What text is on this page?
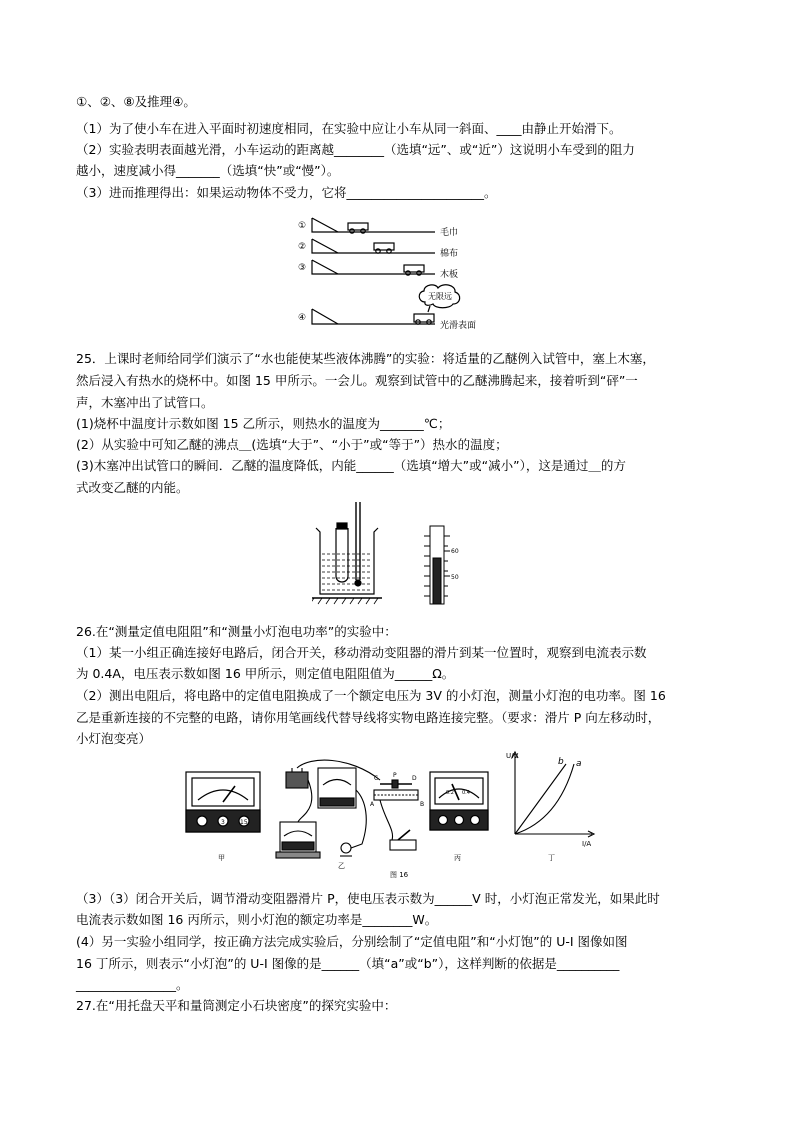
①、②、⑧及推理④。
（1）为了使小车在进入平面时初速度相同，在实验中应让小车从同一斜面、____由静止开始滑下。
（2）实验表明表面越光滑，小车运动的距离越________（选填“远”、或“近”）这说明小车受到的阻力
越小，速度减小得_______（选填“快”或“慢”）。
（3）进而推理得出：如果运动物体不受力，它将______________________。
①
②
③
④
毛巾
棉布
木板
光滑表面
无限远
25．上课时老师给同学们演示了“水也能使某些液体沸腾”的实验：将适量的乙醚例入试管中，塞上木塞，
然后浸入有热水的烧杯中。如图 15 甲所示。一会儿。观察到试管中的乙醚沸腾起来，接着听到“砰”一
声，木塞冲出了试管口。
(1)烧杯中温度计示数如图 15 乙所示，则热水的温度为_______℃；
(2）从实验中可知乙醚的沸点＿(选填“大于”、“小于”或“等于”）热水的温度；
(3)木塞冲出试管口的瞬间．乙醚的温度降低，内能______（选填“增大”或“减小”），这是通过＿的方
式改变乙醚的内能。
60
50
26.在“测量定值电阻阻”和“测量小灯泡电功率”的实验中：
（1）某一小组正确连接好电路后，闭合开关，移动滑动变阻器的滑片到某一位置时，观察到电流表示数
为 0.4A，电压表示数如图 16 甲所示，则定值电阻阻值为______Ω。
（2）测出电阻后，将电路中的定值电阻换成了一个额定电压为 3V 的小灯泡，测量小灯泡的电功率。图 16
乙是重新连接的不完整的电路，请你用笔画线代替导线将实物电路连接完整。（要求：滑片 P 向左移动时，
小灯泡变亮）
3	15
C P	D
A	B
0.2 0.4
U/V
I/A
b a
甲
乙
丙	丁
图 16
（3）（3）闭合开关后，调节滑动变阻器滑片 P，使电压表示数为______V 时，小灯泡正常发光，如果此时
电流表示数如图 16 丙所示，则小灯泡的额定功率是________W。
(4）另一实验小组同学，按正确方法完成实验后，分别绘制了“定值电阻”和“小灯饱”的 U-I 图像如图
16 丁所示，则表示“小灯泡”的 U-I 图像的是______（填“a”或“b”），这样判断的依据是__________
________________。
27.在“用托盘天平和量筒测定小石块密度”的探究实验中：
